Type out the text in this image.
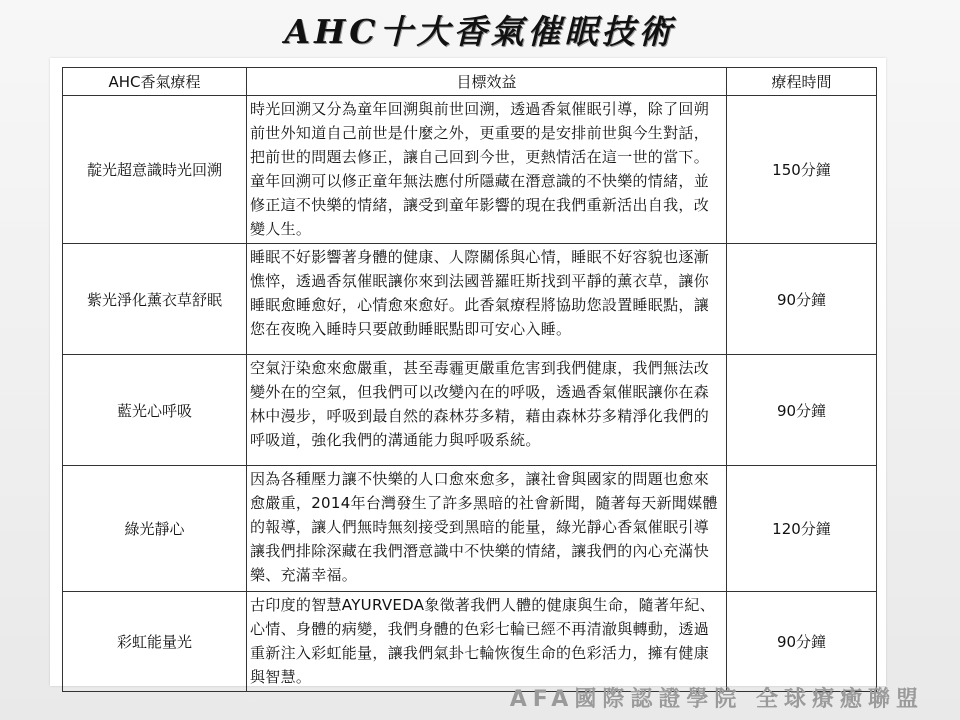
AHC十大香氣催眠技術
AHC香氣療程	目標效益	療程時間
靛光超意識時光回溯	時光回溯又分為童年回溯與前世回溯，透過香氣催眠引導，除了回朔前世外知道自己前世是什麼之外，更重要的是安排前世與今生對話，把前世的問題去修正，讓自己回到今世，更熱情活在這一世的當下。童年回溯可以修正童年無法應付所隱藏在潛意識的不快樂的情緒，並修正這不快樂的情緒，讓受到童年影響的現在我們重新活出自我，改變人生。	150分鐘
紫光淨化薰衣草舒眠	睡眠不好影響著身體的健康、人際關係與心情，睡眠不好容貌也逐漸憔悴，透過香氛催眠讓你來到法國普羅旺斯找到平靜的薰衣草，讓你睡眠愈睡愈好，心情愈來愈好。此香氣療程將協助您設置睡眠點，讓您在夜晚入睡時只要啟動睡眠點即可安心入睡。	90分鐘
藍光心呼吸	空氣汙染愈來愈嚴重，甚至毒霾更嚴重危害到我們健康，我們無法改變外在的空氣，但我們可以改變內在的呼吸，透過香氣催眠讓你在森林中漫步，呼吸到最自然的森林芬多精，藉由森林芬多精淨化我們的呼吸道，強化我們的溝通能力與呼吸系統。	90分鐘
綠光靜心	因為各種壓力讓不快樂的人口愈來愈多，讓社會與國家的問題也愈來愈嚴重，2014年台灣發生了許多黑暗的社會新聞，隨著每天新聞媒體的報導，讓人們無時無刻接受到黑暗的能量，綠光靜心香氣催眠引導讓我們排除深藏在我們潛意識中不快樂的情緒，讓我們的內心充滿快樂、充滿幸福。	120分鐘
彩虹能量光	古印度的智慧AYURVEDA象徵著我們人體的健康與生命，隨著年紀、心情、身體的病變，我們身體的色彩七輪已經不再清澈與轉動，透過重新注入彩虹能量，讓我們氣卦七輪恢復生命的色彩活力，擁有健康與智慧。	90分鐘
AFA國際認證學院 全球療癒聯盟
